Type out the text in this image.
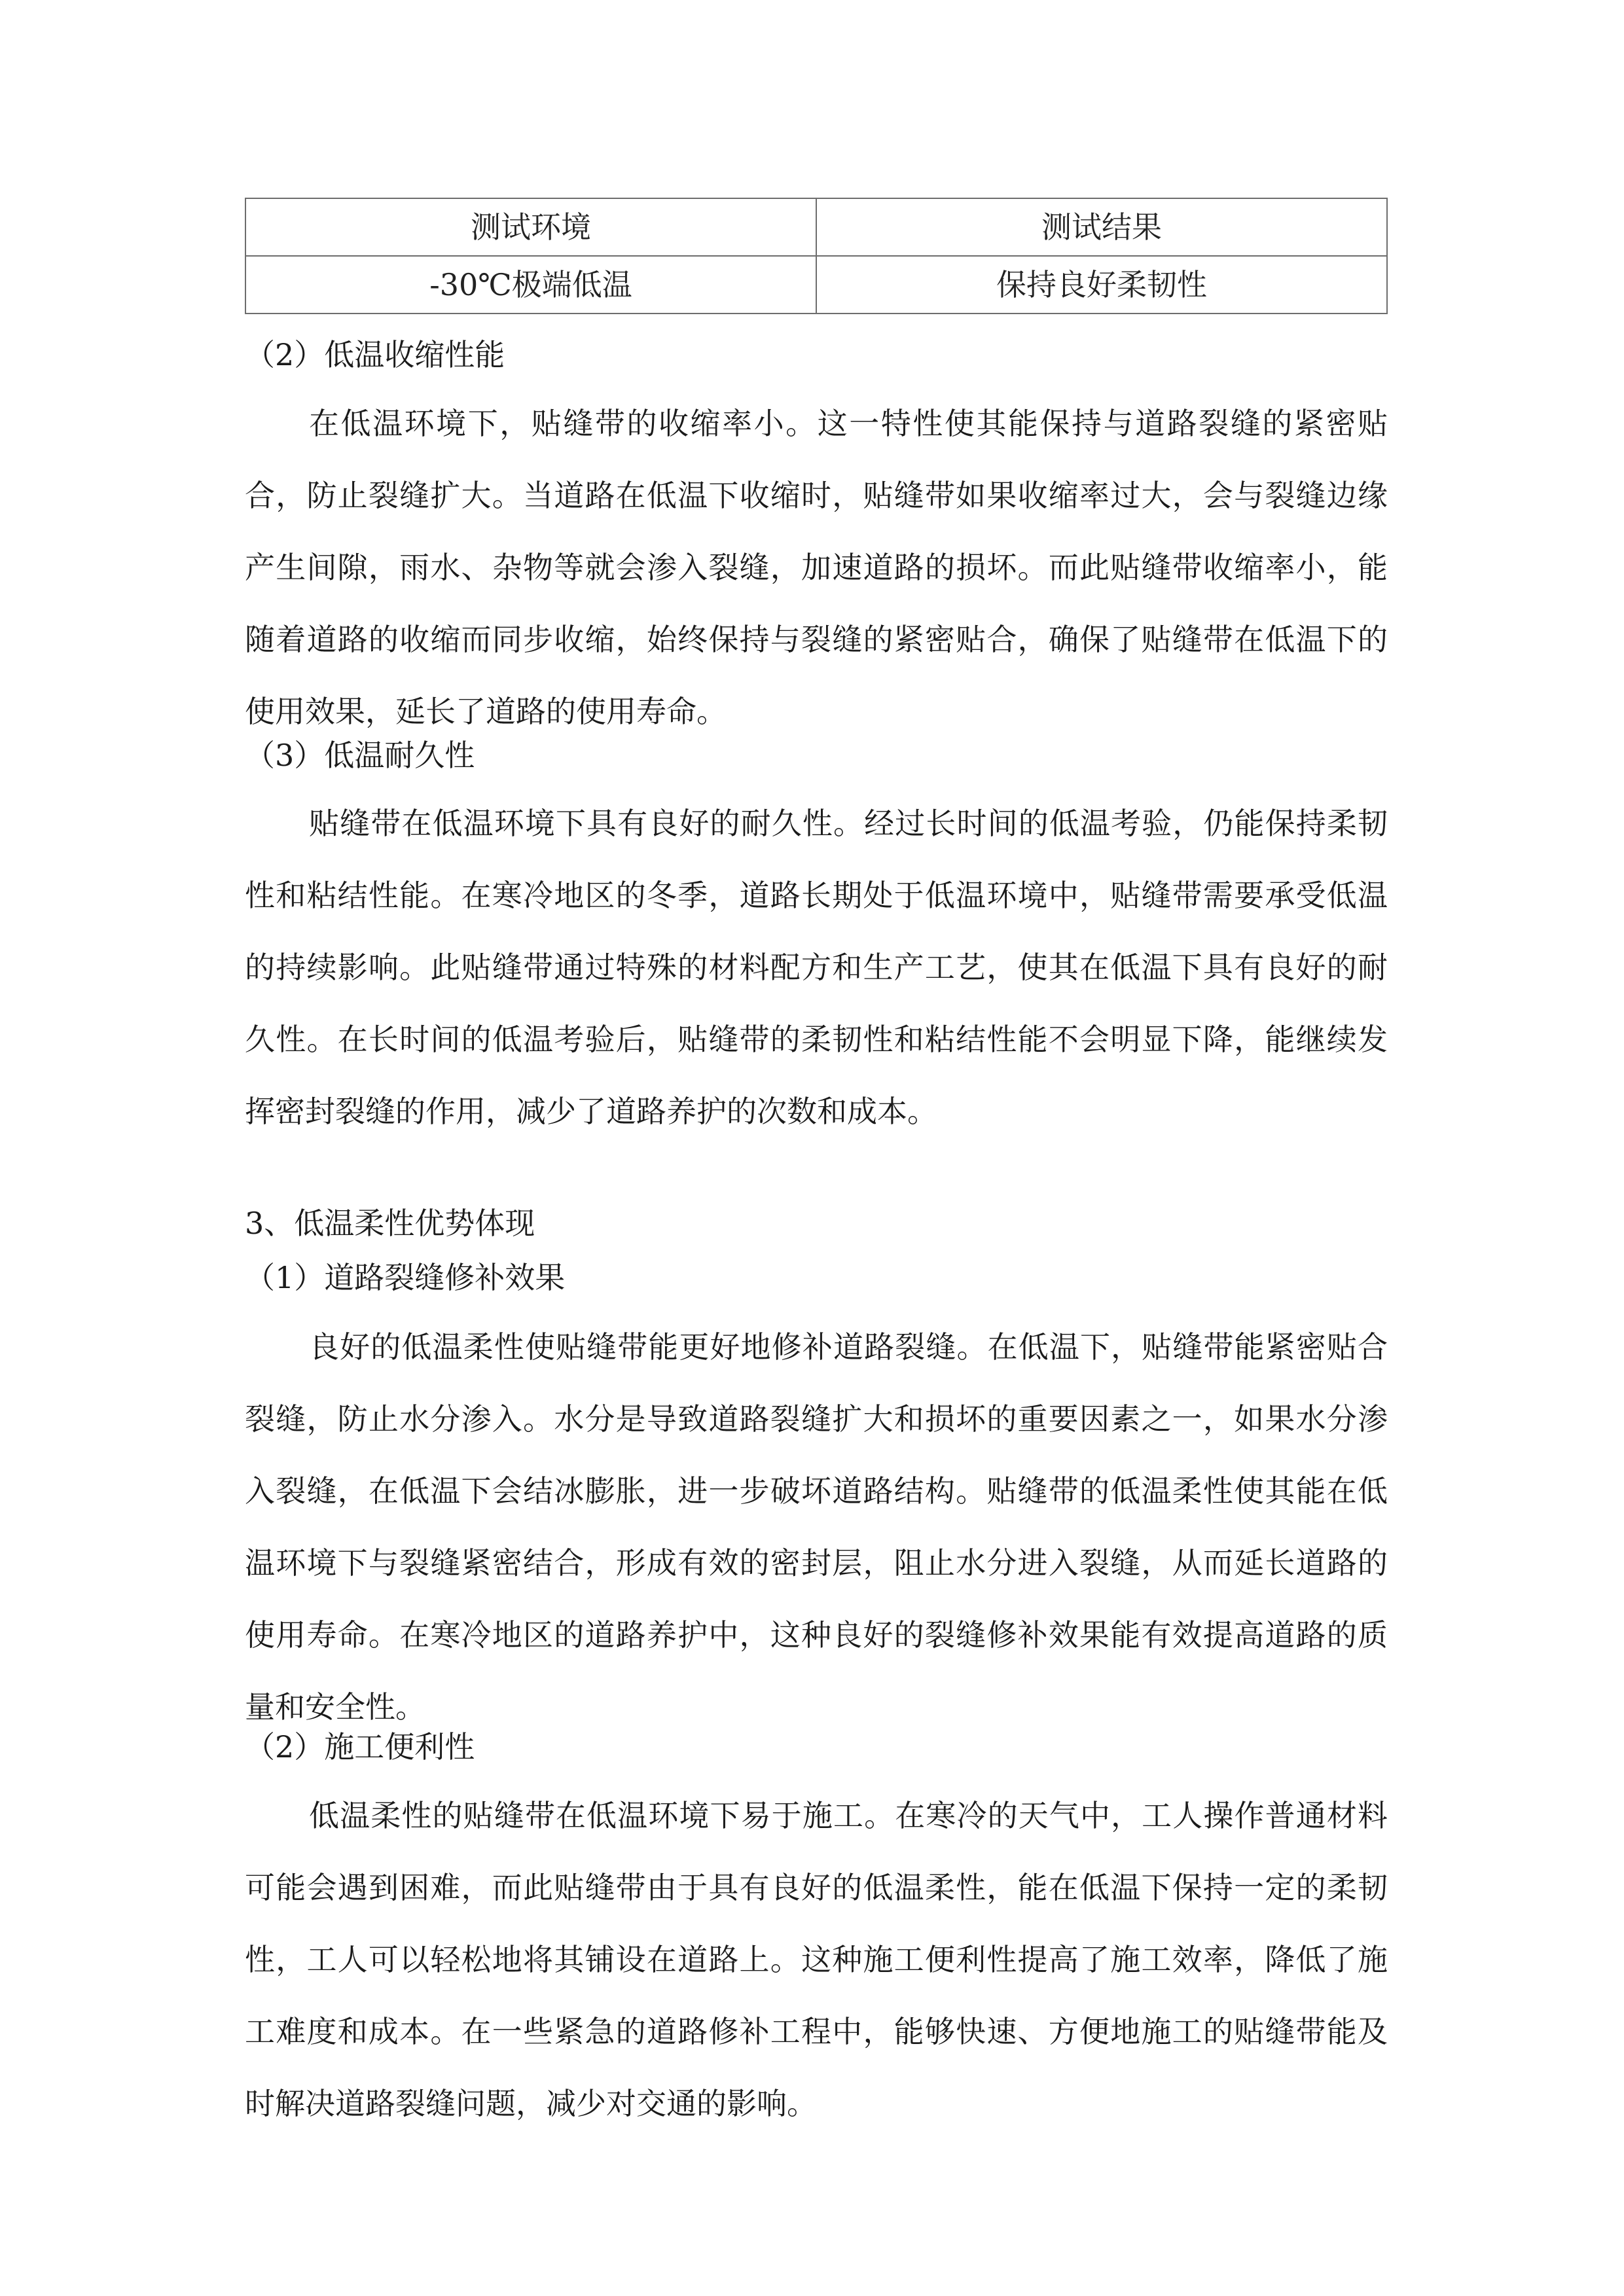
测试环境	测试结果
-30℃极端低温	保持良好柔韧性
（2）低温收缩性能

在低温环境下，贴缝带的收缩率小。这一特性使其能保持与道路裂缝的紧密贴合，防止裂缝扩大。当道路在低温下收缩时，贴缝带如果收缩率过大，会与裂缝边缘产生间隙，雨水、杂物等就会渗入裂缝，加速道路的损坏。而此贴缝带收缩率小，能随着道路的收缩而同步收缩，始终保持与裂缝的紧密贴合，确保了贴缝带在低温下的使用效果，延长了道路的使用寿命。

（3）低温耐久性

贴缝带在低温环境下具有良好的耐久性。经过长时间的低温考验，仍能保持柔韧性和粘结性能。在寒冷地区的冬季，道路长期处于低温环境中，贴缝带需要承受低温的持续影响。此贴缝带通过特殊的材料配方和生产工艺，使其在低温下具有良好的耐久性。在长时间的低温考验后，贴缝带的柔韧性和粘结性能不会明显下降，能继续发挥密封裂缝的作用，减少了道路养护的次数和成本。

3、低温柔性优势体现
（1）道路裂缝修补效果

良好的低温柔性使贴缝带能更好地修补道路裂缝。在低温下，贴缝带能紧密贴合裂缝，防止水分渗入。水分是导致道路裂缝扩大和损坏的重要因素之一，如果水分渗入裂缝，在低温下会结冰膨胀，进一步破坏道路结构。贴缝带的低温柔性使其能在低温环境下与裂缝紧密结合，形成有效的密封层，阻止水分进入裂缝，从而延长道路的使用寿命。在寒冷地区的道路养护中，这种良好的裂缝修补效果能有效提高道路的质量和安全性。

（2）施工便利性

低温柔性的贴缝带在低温环境下易于施工。在寒冷的天气中，工人操作普通材料可能会遇到困难，而此贴缝带由于具有良好的低温柔性，能在低温下保持一定的柔韧性，工人可以轻松地将其铺设在道路上。这种施工便利性提高了施工效率，降低了施工难度和成本。在一些紧急的道路修补工程中，能够快速、方便地施工的贴缝带能及时解决道路裂缝问题，减少对交通的影响。
